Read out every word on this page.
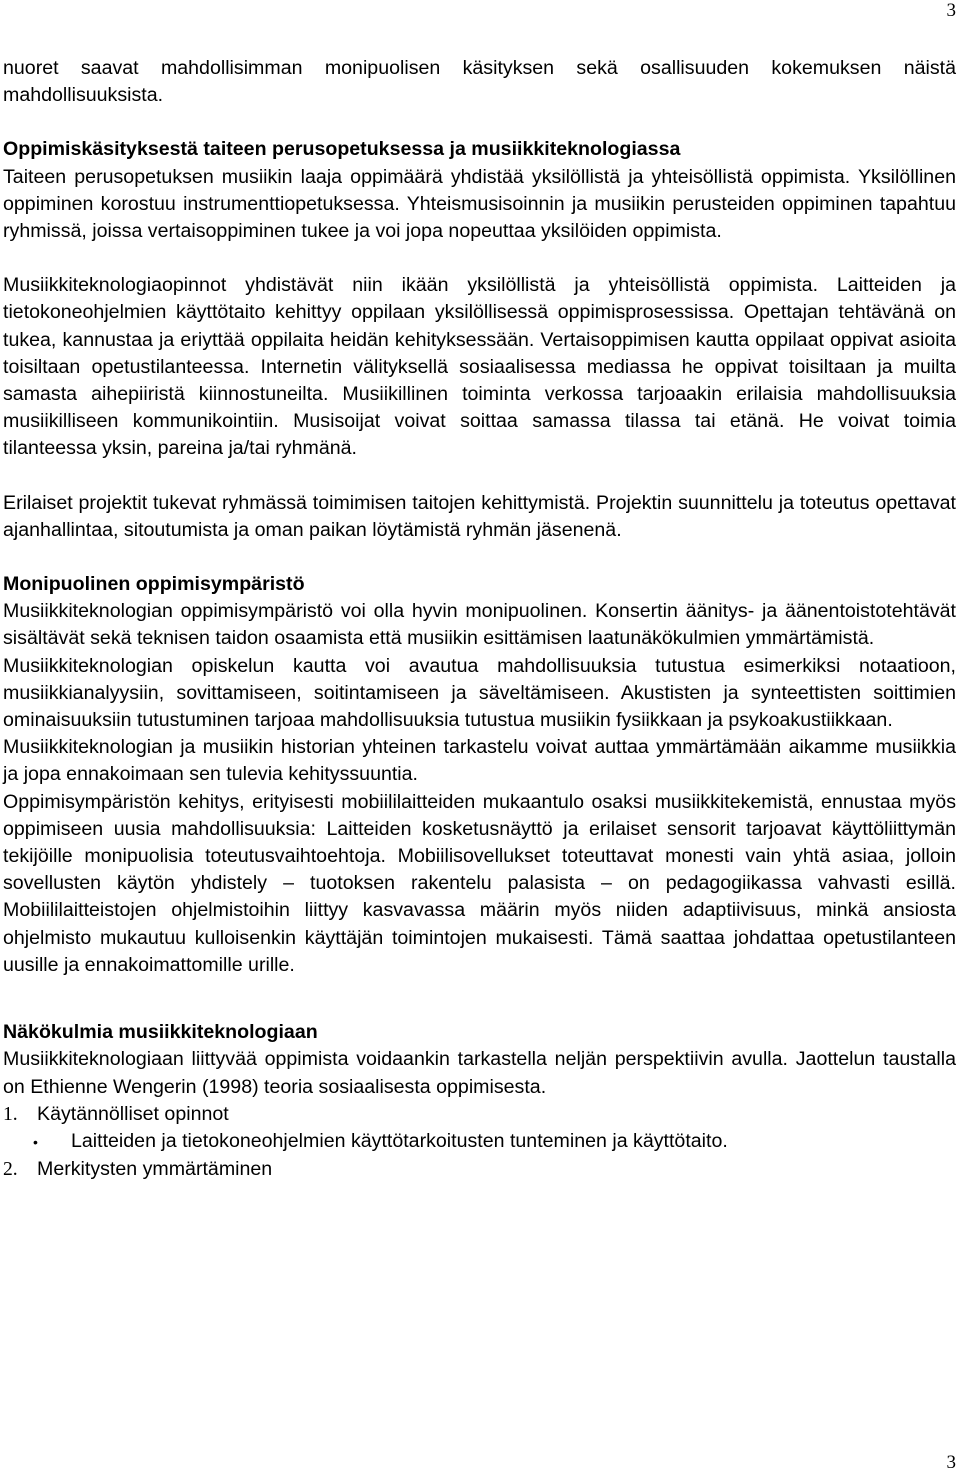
3

nuoret saavat mahdollisimman monipuolisen käsityksen sekä osallisuuden kokemuksen näistä mahdollisuuksista.

Oppimiskäsityksestä taiteen perusopetuksessa ja musiikkiteknologiassa

Taiteen perusopetuksen musiikin laaja oppimäärä yhdistää yksilöllistä ja yhteisöllistä oppimista. Yksilöllinen oppiminen korostuu instrumenttiopetuksessa. Yhteismusisoinnin ja musiikin perusteiden oppiminen tapahtuu ryhmissä, joissa vertaisoppiminen tukee ja voi jopa nopeuttaa yksilöiden oppimista.

Musiikkiteknologiaopinnot yhdistävät niin ikään yksilöllistä ja yhteisöllistä oppimista. Laitteiden ja tietokoneohjelmien käyttötaito kehittyy oppilaan yksilöllisessä oppimisprosessissa. Opettajan tehtävänä on tukea, kannustaa ja eriyttää oppilaita heidän kehityksessään. Vertaisoppimisen kautta oppilaat oppivat asioita toisiltaan opetustilanteessa. Internetin välityksellä sosiaalisessa mediassa he oppivat toisiltaan ja muilta samasta aihepiiristä kiinnostuneilta. Musiikillinen toiminta verkossa tarjoaakin erilaisia mahdollisuuksia musiikilliseen kommunikointiin. Musisoijat voivat soittaa samassa tilassa tai etänä. He voivat toimia tilanteessa yksin, pareina ja/tai ryhmänä.

Erilaiset projektit tukevat ryhmässä toimimisen taitojen kehittymistä. Projektin suunnittelu ja toteutus opettavat ajanhallintaa, sitoutumista ja oman paikan löytämistä ryhmän jäsenenä.

Monipuolinen oppimisympäristö

Musiikkiteknologian oppimisympäristö voi olla hyvin monipuolinen. Konsertin äänitys- ja äänentoistotehtävät sisältävät sekä teknisen taidon osaamista että musiikin esittämisen laatunäkökulmien ymmärtämistä.

Musiikkiteknologian opiskelun kautta voi avautua mahdollisuuksia tutustua esimerkiksi notaatioon, musiikkianalyysiin, sovittamiseen, soitintamiseen ja säveltämiseen. Akustisten ja synteettisten soittimien ominaisuuksiin tutustuminen tarjoaa mahdollisuuksia tutustua musiikin fysiikkaan ja psykoakustiikkaan.

Musiikkiteknologian ja musiikin historian yhteinen tarkastelu voivat auttaa ymmärtämään aikamme musiikkia ja jopa ennakoimaan sen tulevia kehityssuuntia.

Oppimisympäristön kehitys, erityisesti mobiililaitteiden mukaantulo osaksi musiikkitekemistä, ennustaa myös oppimiseen uusia mahdollisuuksia: Laitteiden kosketusnäyttö ja erilaiset sensorit tarjoavat käyttöliittymän tekijöille monipuolisia toteutusvaihtoehtoja. Mobiilisovellukset toteuttavat monesti vain yhtä asiaa, jolloin sovellusten käytön yhdistely – tuotoksen rakentelu palasista – on pedagogiikassa vahvasti esillä. Mobiililaitteistojen ohjelmistoihin liittyy kasvavassa määrin myös niiden adaptiivisuus, minkä ansiosta ohjelmisto mukautuu kulloisenkin käyttäjän toimintojen mukaisesti. Tämä saattaa johdattaa opetustilanteen uusille ja ennakoimattomille urille.

Näkökulmia musiikkiteknologiaan

Musiikkiteknologiaan liittyvää oppimista voidaankin tarkastella neljän perspektiivin avulla. Jaottelun taustalla on Ethienne Wengerin (1998) teoria sosiaalisesta oppimisesta.

1. Käytännölliset opinnot
•	Laitteiden ja tietokoneohjelmien käyttötarkoitusten tunteminen ja käyttötaito.
2. Merkitysten ymmärtäminen
3
